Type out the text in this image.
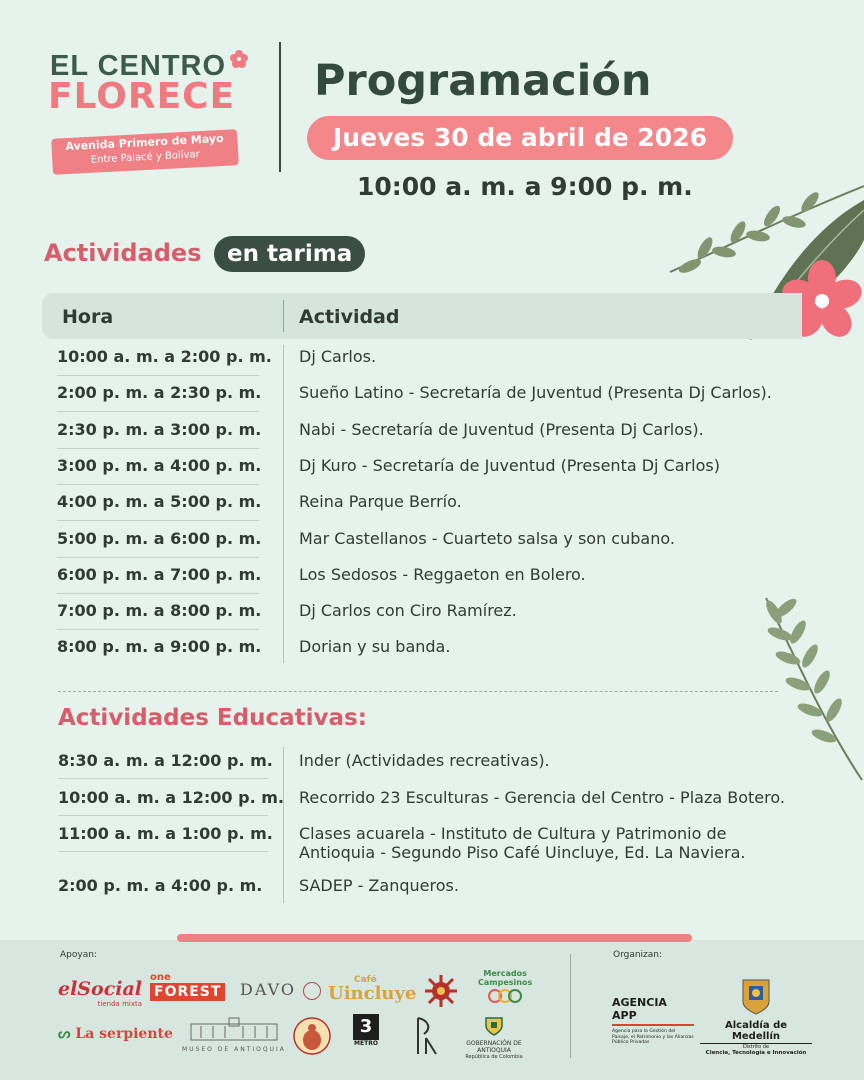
EL CENTRO
FLORECE
Avenida Primero de Mayo
Entre Palacé y Bolívar
Programación
Jueves 30 de abril de 2026
10:00 a. m. a 9:00 p. m.
Actividades	en tarima
Hora	Actividad
10:00 a. m. a 2:00 p. m. Dj Carlos.
2:00 p. m. a 2:30 p. m. Sueño Latino - Secretaría de Juventud (Presenta Dj Carlos).
2:30 p. m. a 3:00 p. m. Nabi - Secretaría de Juventud (Presenta Dj Carlos).
3:00 p. m. a 4:00 p. m. Dj Kuro - Secretaría de Juventud (Presenta Dj Carlos)
4:00 p. m. a 5:00 p. m. Reina Parque Berrío.
5:00 p. m. a 6:00 p. m. Mar Castellanos - Cuarteto salsa y son cubano.
6:00 p. m. a 7:00 p. m. Los Sedosos - Reggaeton en Bolero.
7:00 p. m. a 8:00 p. m. Dj Carlos con Ciro Ramírez.
8:00 p. m. a 9:00 p. m. Dorian y su banda.
Actividades Educativas:
8:30 a. m. a 12:00 p. m. Inder (Actividades recreativas).
10:00 a. m. a 12:00 p. m. Recorrido 23 Esculturas - Gerencia del Centro - Plaza Botero.
11:00 a. m. a 1:00 p. m. Clases acuarela - Instituto de Cultura y Patrimonio de
Antioquia - Segundo Piso Café Uincluye, Ed. La Naviera.
2:00 p. m. a 4:00 p. m. SADEP - Zanqueros.
Apoyan:	Organizan:
elSocial
tienda mixta
one
FOREST DAVO	Café
Uincluye
Mercados
Campesinos
ᔕ La serpiente
MUSEO DE ANTIOQUIA
3
METRO	GOBERNACIÓN DE ANTIOQUIA
República de Colombia
AGENCIA APP
Agencia para la Gestión del Paisaje, el Patrimonio y las Alianzas Público Privadas
Alcaldía de Medellín
Distrito de
Ciencia, Tecnología e Innovación
